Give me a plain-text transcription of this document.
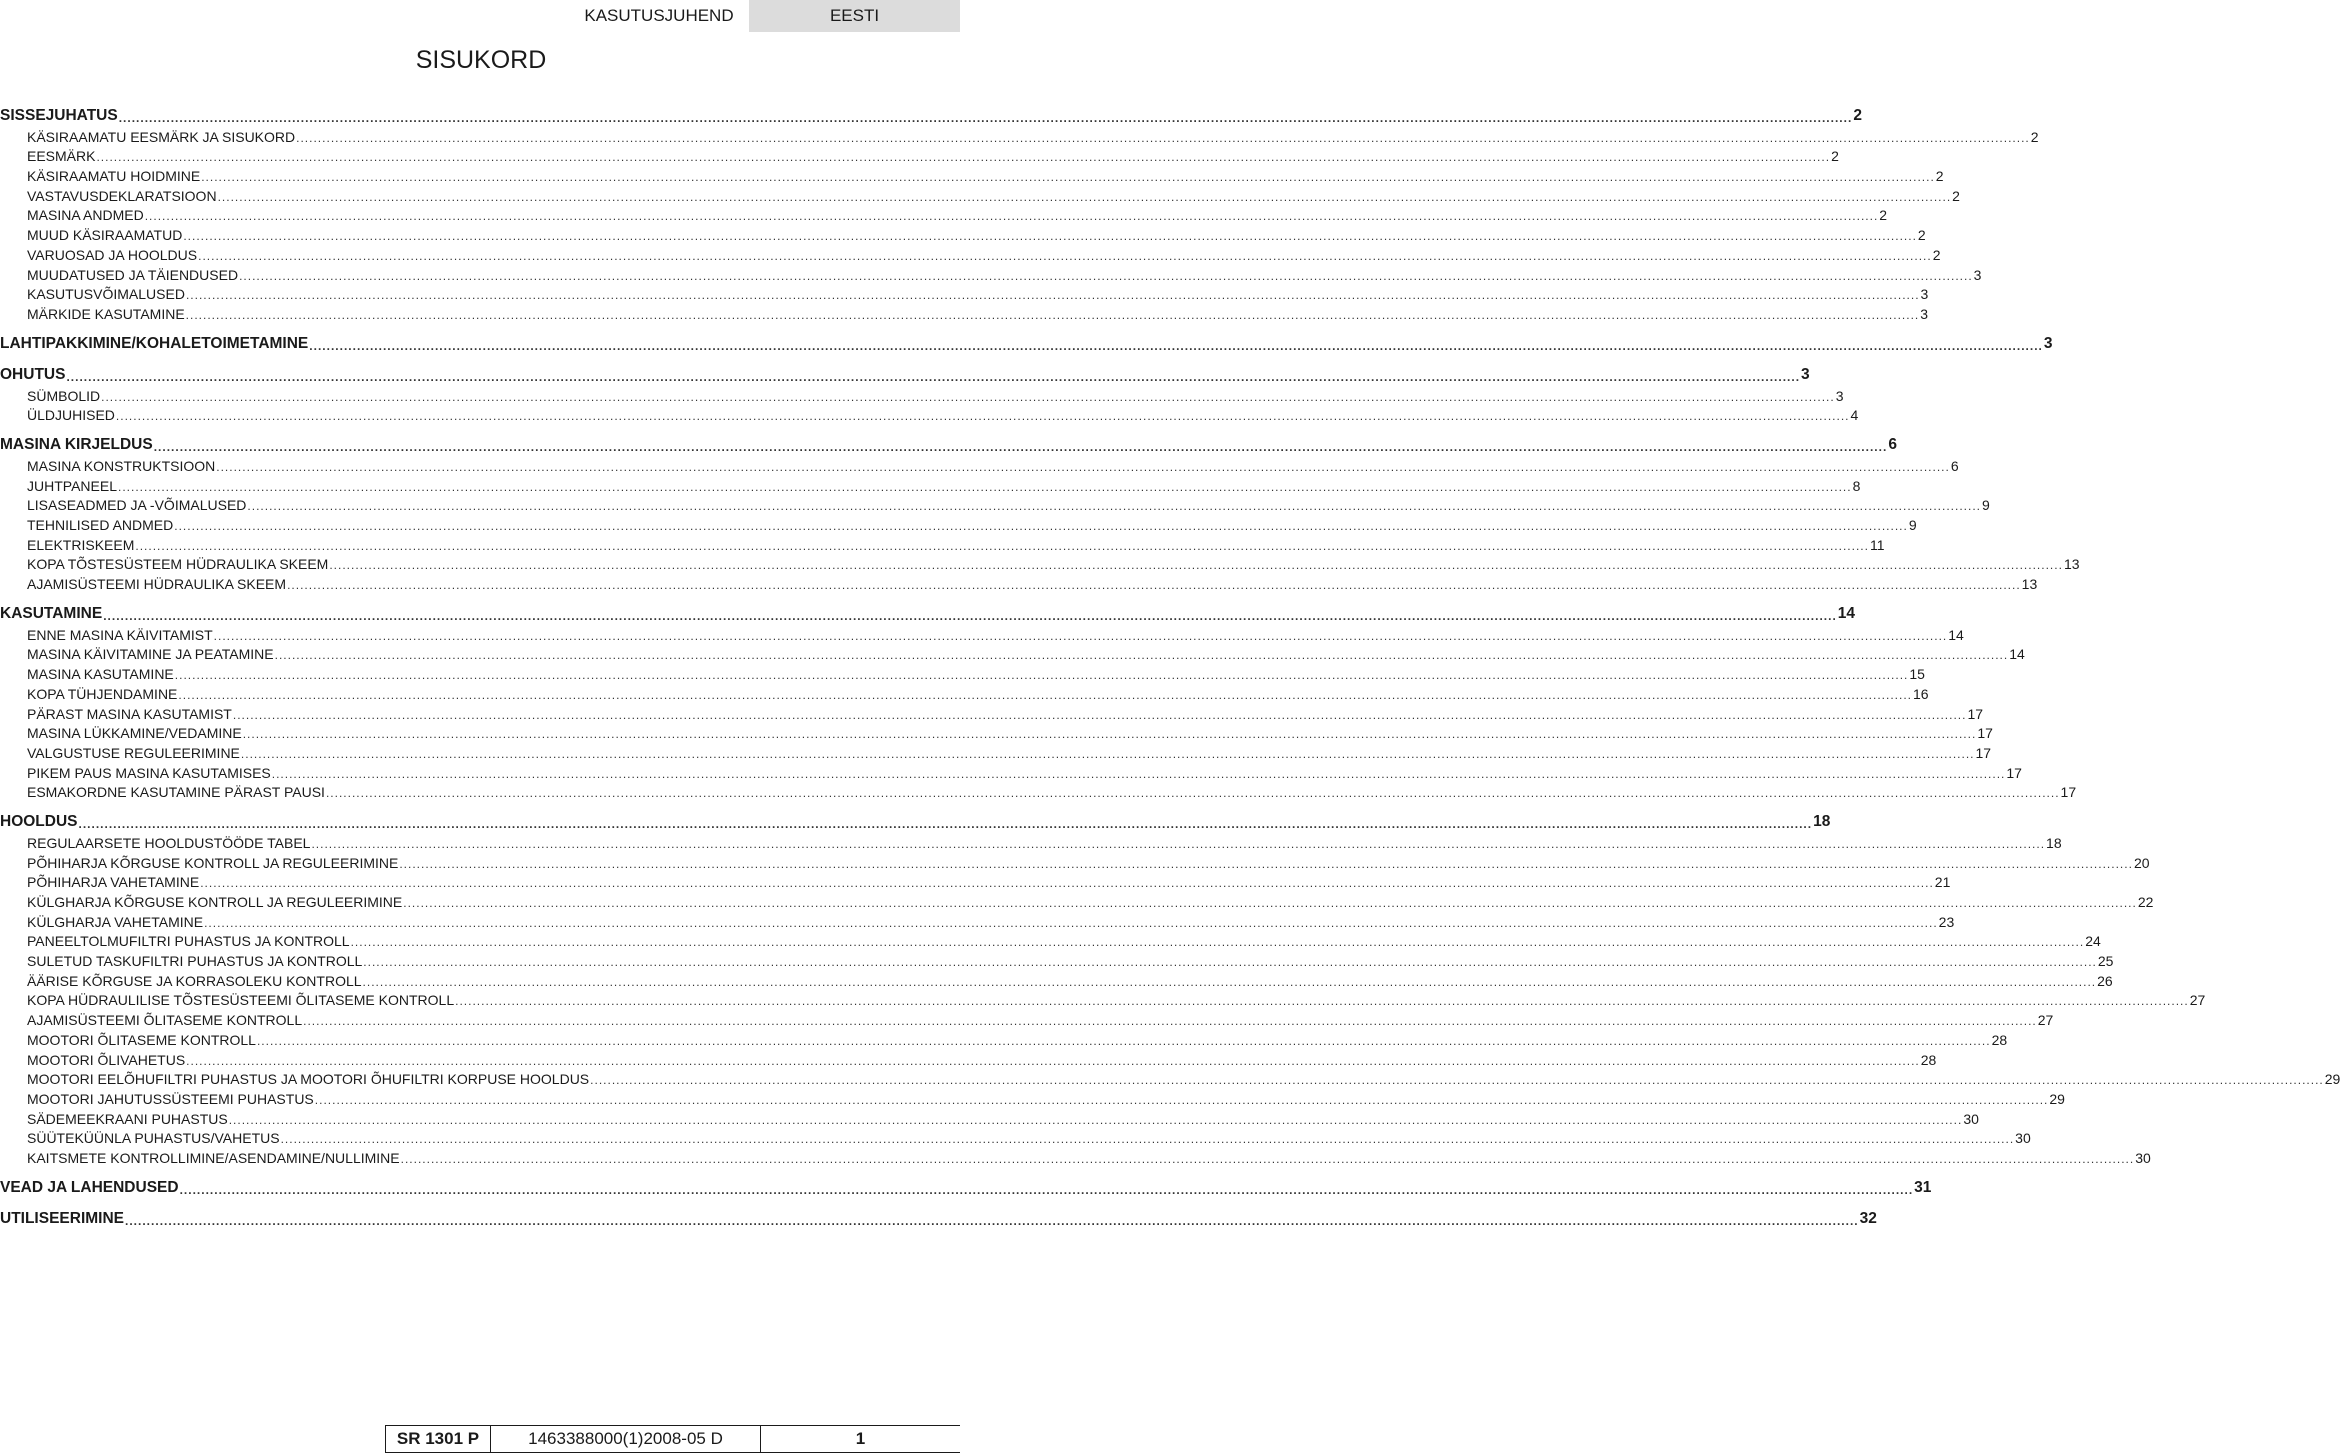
KASUTUSJUHEND	EESTI
SISUKORD
SISSEJUHATUS ................................................................................................................................................................................................................................................................................................................................................................................................................ 2
KÄSIRAAMATU EESMÄRK JA SISUKORD ................................................................................................................................................................................................................................................................................................................................................................................................................ 2
EESMÄRK ................................................................................................................................................................................................................................................................................................................................................................................................................ 2
KÄSIRAAMATU HOIDMINE ................................................................................................................................................................................................................................................................................................................................................................................................................ 2
VASTAVUSDEKLARATSIOON ................................................................................................................................................................................................................................................................................................................................................................................................................ 2
MASINA ANDMED ................................................................................................................................................................................................................................................................................................................................................................................................................ 2
MUUD KÄSIRAAMATUD ................................................................................................................................................................................................................................................................................................................................................................................................................ 2
VARUOSAD JA HOOLDUS ................................................................................................................................................................................................................................................................................................................................................................................................................ 2
MUUDATUSED JA TÄIENDUSED ................................................................................................................................................................................................................................................................................................................................................................................................................ 3
KASUTUSVÕIMALUSED ................................................................................................................................................................................................................................................................................................................................................................................................................ 3
MÄRKIDE KASUTAMINE ................................................................................................................................................................................................................................................................................................................................................................................................................ 3
LAHTIPAKKIMINE/KOHALETOIMETAMINE ................................................................................................................................................................................................................................................................................................................................................................................................................ 3
OHUTUS ................................................................................................................................................................................................................................................................................................................................................................................................................ 3
SÜMBOLID ................................................................................................................................................................................................................................................................................................................................................................................................................ 3
ÜLDJUHISED ................................................................................................................................................................................................................................................................................................................................................................................................................ 4
MASINA KIRJELDUS ................................................................................................................................................................................................................................................................................................................................................................................................................ 6
MASINA KONSTRUKTSIOON ................................................................................................................................................................................................................................................................................................................................................................................................................ 6
JUHTPANEEL ................................................................................................................................................................................................................................................................................................................................................................................................................ 8
LISASEADMED JA -VÕIMALUSED ................................................................................................................................................................................................................................................................................................................................................................................................................ 9
TEHNILISED ANDMED ................................................................................................................................................................................................................................................................................................................................................................................................................ 9
ELEKTRISKEEM ................................................................................................................................................................................................................................................................................................................................................................................................................ 11
KOPA TÕSTESÜSTEEM HÜDRAULIKA SKEEM ................................................................................................................................................................................................................................................................................................................................................................................................................ 13
AJAMISÜSTEEMI HÜDRAULIKA SKEEM ................................................................................................................................................................................................................................................................................................................................................................................................................ 13
KASUTAMINE ................................................................................................................................................................................................................................................................................................................................................................................................................ 14
ENNE MASINA KÄIVITAMIST ................................................................................................................................................................................................................................................................................................................................................................................................................ 14
MASINA KÄIVITAMINE JA PEATAMINE ................................................................................................................................................................................................................................................................................................................................................................................................................ 14
MASINA KASUTAMINE ................................................................................................................................................................................................................................................................................................................................................................................................................ 15
KOPA TÜHJENDAMINE ................................................................................................................................................................................................................................................................................................................................................................................................................ 16
PÄRAST MASINA KASUTAMIST ................................................................................................................................................................................................................................................................................................................................................................................................................ 17
MASINA LÜKKAMINE/VEDAMINE ................................................................................................................................................................................................................................................................................................................................................................................................................ 17
VALGUSTUSE REGULEERIMINE ................................................................................................................................................................................................................................................................................................................................................................................................................ 17
PIKEM PAUS MASINA KASUTAMISES ................................................................................................................................................................................................................................................................................................................................................................................................................ 17
ESMAKORDNE KASUTAMINE PÄRAST PAUSI ................................................................................................................................................................................................................................................................................................................................................................................................................ 17
HOOLDUS ................................................................................................................................................................................................................................................................................................................................................................................................................ 18
REGULAARSETE HOOLDUSTÖÖDE TABEL ................................................................................................................................................................................................................................................................................................................................................................................................................ 18
PÕHIHARJA KÕRGUSE KONTROLL JA REGULEERIMINE ................................................................................................................................................................................................................................................................................................................................................................................................................ 20
PÕHIHARJA VAHETAMINE ................................................................................................................................................................................................................................................................................................................................................................................................................ 21
KÜLGHARJA KÕRGUSE KONTROLL JA REGULEERIMINE ................................................................................................................................................................................................................................................................................................................................................................................................................ 22
KÜLGHARJA VAHETAMINE ................................................................................................................................................................................................................................................................................................................................................................................................................ 23
PANEELTOLMUFILTRI PUHASTUS JA KONTROLL ................................................................................................................................................................................................................................................................................................................................................................................................................ 24
SULETUD TASKUFILTRI PUHASTUS JA KONTROLL ................................................................................................................................................................................................................................................................................................................................................................................................................ 25
ÄÄRISE KÕRGUSE JA KORRASOLEKU KONTROLL ................................................................................................................................................................................................................................................................................................................................................................................................................ 26
KOPA HÜDRAULILISE TÕSTESÜSTEEMI ÕLITASEME KONTROLL ................................................................................................................................................................................................................................................................................................................................................................................................................ 27
AJAMISÜSTEEMI ÕLITASEME KONTROLL ................................................................................................................................................................................................................................................................................................................................................................................................................ 27
MOOTORI ÕLITASEME KONTROLL ................................................................................................................................................................................................................................................................................................................................................................................................................ 28
MOOTORI ÕLIVAHETUS ................................................................................................................................................................................................................................................................................................................................................................................................................ 28
MOOTORI EELÕHUFILTRI PUHASTUS JA MOOTORI ÕHUFILTRI KORPUSE HOOLDUS ................................................................................................................................................................................................................................................................................................................................................................................................................ 29
MOOTORI JAHUTUSSÜSTEEMI PUHASTUS ................................................................................................................................................................................................................................................................................................................................................................................................................ 29
SÄDEMEEKRAANI PUHASTUS ................................................................................................................................................................................................................................................................................................................................................................................................................ 30
SÜÜTEKÜÜNLA PUHASTUS/VAHETUS ................................................................................................................................................................................................................................................................................................................................................................................................................ 30
KAITSMETE KONTROLLIMINE/ASENDAMINE/NULLIMINE ................................................................................................................................................................................................................................................................................................................................................................................................................ 30
VEAD JA LAHENDUSED ................................................................................................................................................................................................................................................................................................................................................................................................................ 31
UTILISEERIMINE ................................................................................................................................................................................................................................................................................................................................................................................................................ 32
SR 1301 P	1463388000(1)2008-05 D	1
